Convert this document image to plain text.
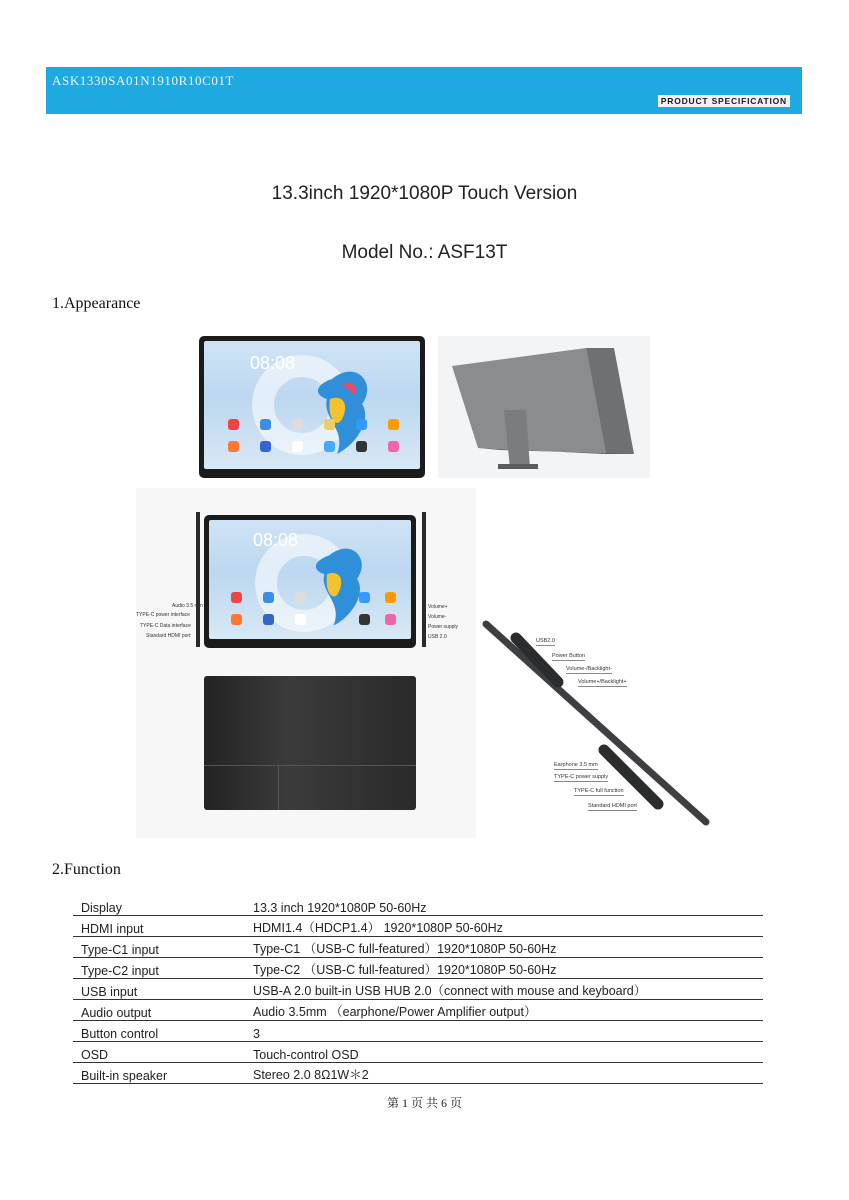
ASK1330SA01N1910R10C01T
PRODUCT SPECIFICATION
13.3inch 1920*1080P Touch Version
Model No.: ASF13T
1.Appearance
08:08
08:08
Audio 3.5 mm
TYPE-C power interface
TYPE-C Data interface
Standard HDMI port
Volume+
Volume-
Power supply
USB 2.0
USB2.0
Power Button
Volume-/Backlight-
Volume+/Backlight+
Earphone 3.5 mm
TYPE-C power supply
TYPE-C full function
Standard HDMI port
2.Function
Display	13.3 inch 1920*1080P 50-60Hz
HDMI input	HDMI1.4（HDCP1.4） 1920*1080P 50-60Hz
Type-C1 input	Type-C1 （USB-C full-featured）1920*1080P 50-60Hz
Type-C2 input	Type-C2 （USB-C full-featured）1920*1080P 50-60Hz
USB input	USB-A 2.0 built-in USB HUB 2.0（connect with mouse and keyboard）
Audio output	Audio 3.5mm （earphone/Power Amplifier output）
Button control	3
OSD	Touch-control OSD
Built-in speaker	Stereo 2.0 8Ω1W＊2
第 1 页 共 6 页
